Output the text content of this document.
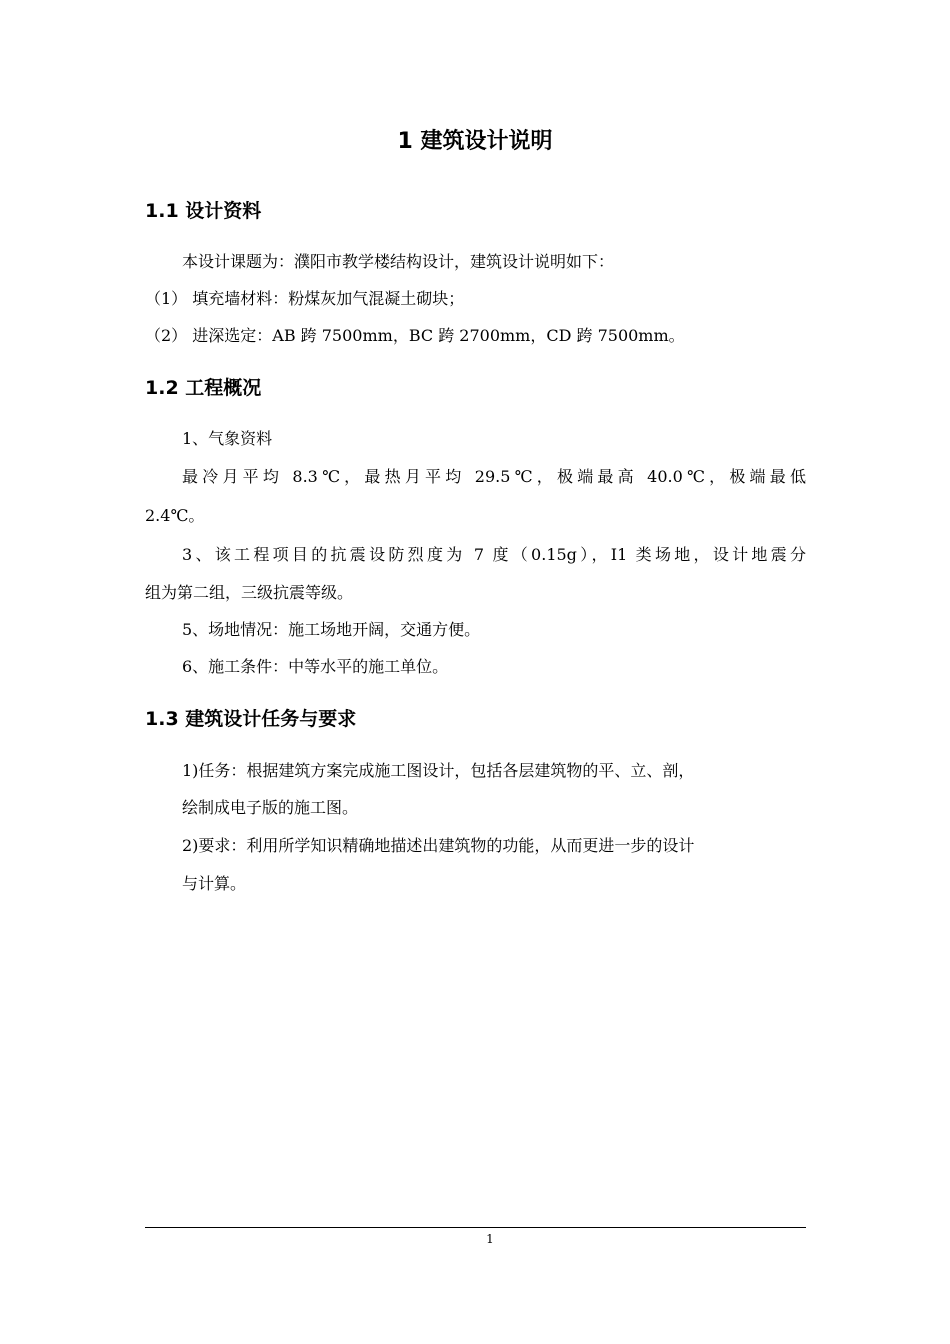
1 建筑设计说明
1.1 设计资料
本设计课题为：濮阳市教学楼结构设计，建筑设计说明如下：
（1） 填充墙材料：粉煤灰加气混凝土砌块；
（2） 进深选定：AB 跨 7500mm，BC 跨 2700mm，CD 跨 7500mm。
1.2 工程概况
1、气象资料
最冷月平均 8.3℃，最热月平均 29.5℃，极端最高 40.0℃，极端最低
2.4℃。
3、该工程项目的抗震设防烈度为 7 度（0.15g），I1 类场地，设计地震分
组为第二组，三级抗震等级。
5、场地情况：施工场地开阔，交通方便。
6、施工条件：中等水平的施工单位。
1.3 建筑设计任务与要求
1)任务：根据建筑方案完成施工图设计，包括各层建筑物的平、立、剖，
绘制成电子版的施工图。
2)要求：利用所学知识精确地描述出建筑物的功能，从而更进一步的设计
与计算。
1
